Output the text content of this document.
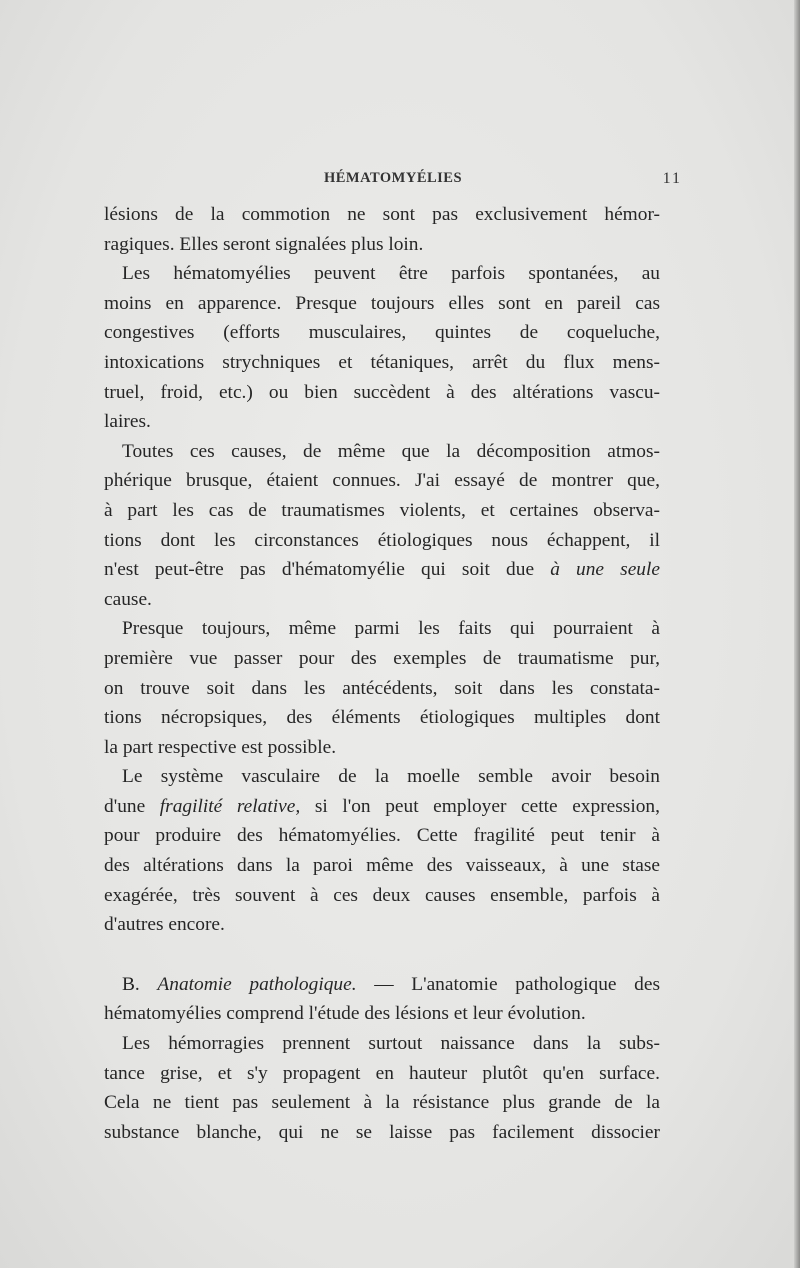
HÉMATOMYÉLIES	11
lésions de la commotion ne sont pas exclusivement hémor-
ragiques. Elles seront signalées plus loin.
Les hématomyélies peuvent être parfois spontanées, au
moins en apparence. Presque toujours elles sont en pareil cas
congestives (efforts musculaires, quintes de coqueluche,
intoxications strychniques et tétaniques, arrêt du flux mens-
truel, froid, etc.) ou bien succèdent à des altérations vascu-
laires.
Toutes ces causes, de même que la décomposition atmos-
phérique brusque, étaient connues. J'ai essayé de montrer que,
à part les cas de traumatismes violents, et certaines observa-
tions dont les circonstances étiologiques nous échappent, il
n'est peut-être pas d'hématomyélie qui soit due à une seule
cause.
Presque toujours, même parmi les faits qui pourraient à
première vue passer pour des exemples de traumatisme pur,
on trouve soit dans les antécédents, soit dans les constata-
tions nécropsiques, des éléments étiologiques multiples dont
la part respective est possible.
Le système vasculaire de la moelle semble avoir besoin
d'une fragilité relative, si l'on peut employer cette expression,
pour produire des hématomyélies. Cette fragilité peut tenir à
des altérations dans la paroi même des vaisseaux, à une stase
exagérée, très souvent à ces deux causes ensemble, parfois à
d'autres encore.
B. Anatomie pathologique. — L'anatomie pathologique des
hématomyélies comprend l'étude des lésions et leur évolution.
Les hémorragies prennent surtout naissance dans la subs-
tance grise, et s'y propagent en hauteur plutôt qu'en surface.
Cela ne tient pas seulement à la résistance plus grande de la
substance blanche, qui ne se laisse pas facilement dissocier
